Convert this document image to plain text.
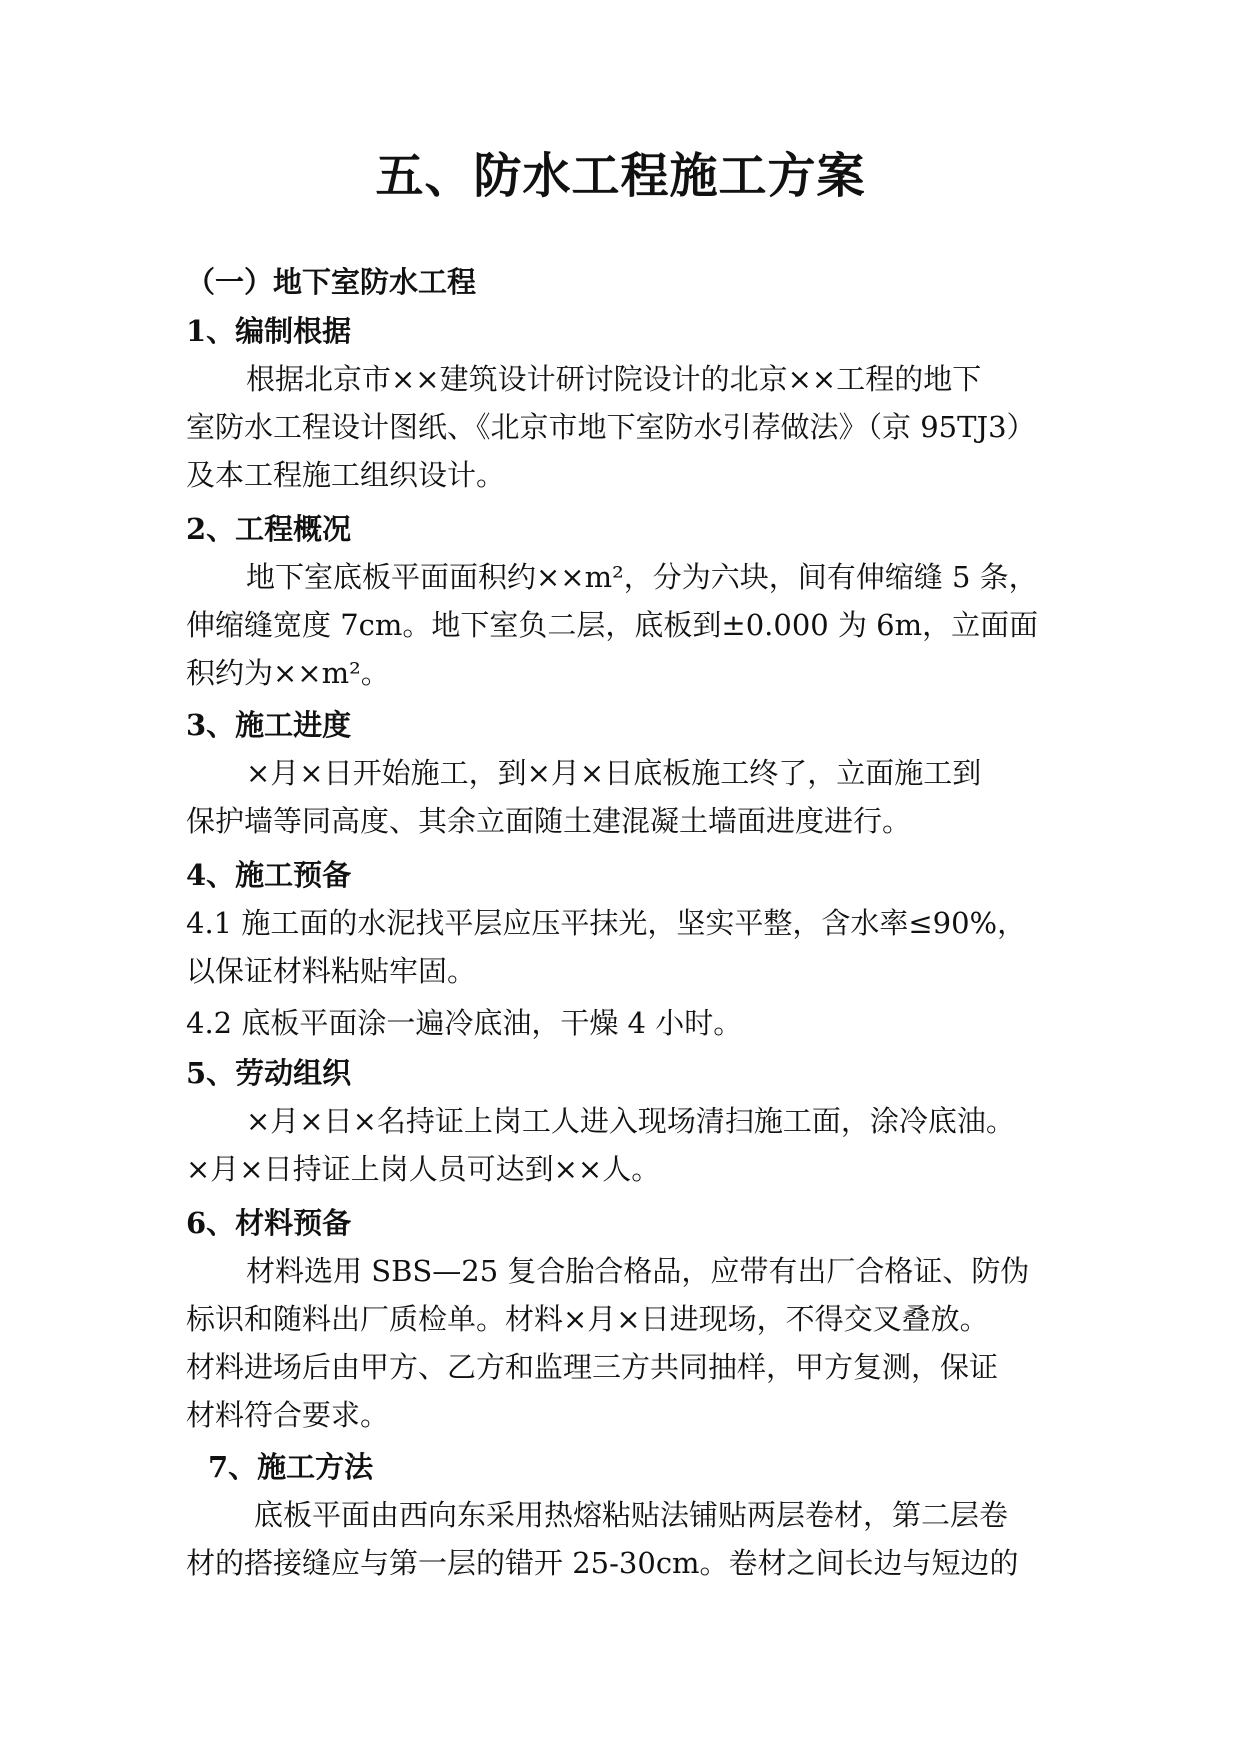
五、防水工程施工方案
（一）地下室防水工程
1、编制根据
根据北京市××建筑设计研讨院设计的北京××工程的地下
室防水工程设计图纸、《北京市地下室防水引荐做法》（京 95TJ3）
及本工程施工组织设计。
2、工程概况
地下室底板平面面积约××m²，分为六块，间有伸缩缝 5 条，
伸缩缝宽度 7cm。地下室负二层，底板到±0.000 为 6m，立面面
积约为××m²。
3、施工进度
×月×日开始施工，到×月×日底板施工终了，立面施工到
保护墙等同高度、其余立面随土建混凝土墙面进度进行。
4、施工预备
4.1 施工面的水泥找平层应压平抹光，坚实平整，含水率≤90%，
以保证材料粘贴牢固。
4.2 底板平面涂一遍冷底油，干燥 4 小时。
5、劳动组织
×月×日×名持证上岗工人进入现场清扫施工面，涂冷底油。
×月×日持证上岗人员可达到××人。
6、材料预备
材料选用 SBS—25 复合胎合格品，应带有出厂合格证、防伪
标识和随料出厂质检单。材料×月×日进现场，不得交叉叠放。
材料进场后由甲方、乙方和监理三方共同抽样，甲方复测，保证
材料符合要求。
7、施工方法
底板平面由西向东采用热熔粘贴法铺贴两层卷材，第二层卷
材的搭接缝应与第一层的错开 25-30cm。卷材之间长边与短边的
